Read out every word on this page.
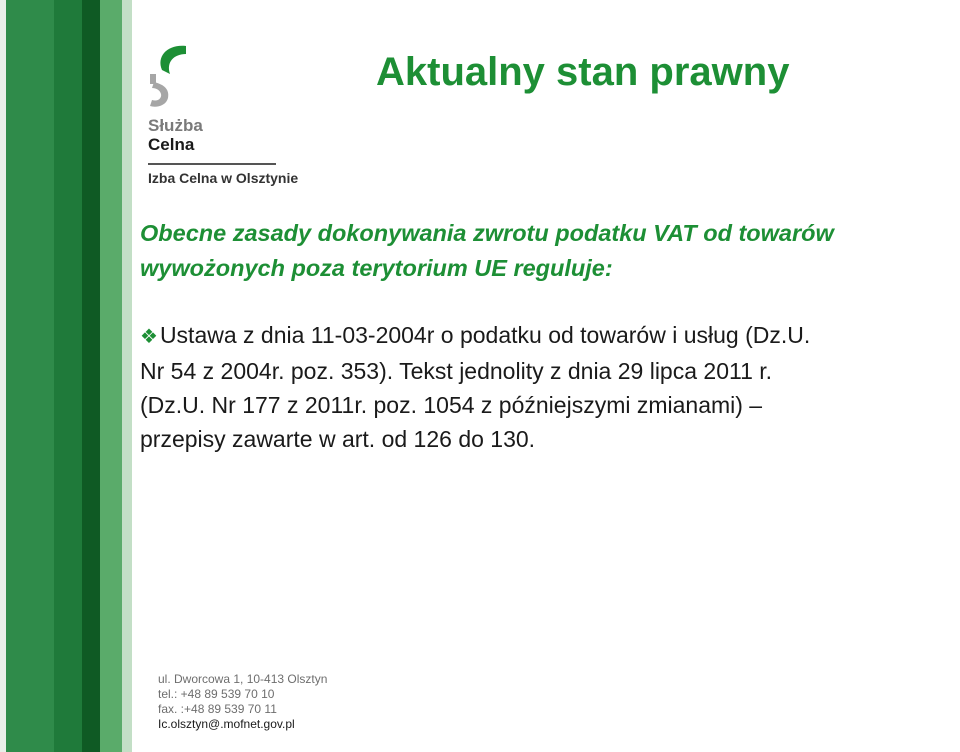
Służba
Celna
Izba Celna w Olsztynie
Aktualny stan prawny
Obecne zasady dokonywania zwrotu podatku VAT od towarów
wywożonych poza terytorium UE reguluje:
❖Ustawa z dnia 11-03-2004r o podatku od towarów i usług (Dz.U.
Nr 54 z 2004r. poz. 353). Tekst jednolity z dnia 29 lipca 2011 r.
(Dz.U. Nr 177 z 2011r. poz. 1054 z późniejszymi zmianami) –
przepisy zawarte w art. od 126 do 130.
ul. Dworcowa 1, 10-413 Olsztyn
tel.: +48 89 539 70 10
fax. :+48 89 539 70 11
Ic.olsztyn@.mofnet.gov.pl
